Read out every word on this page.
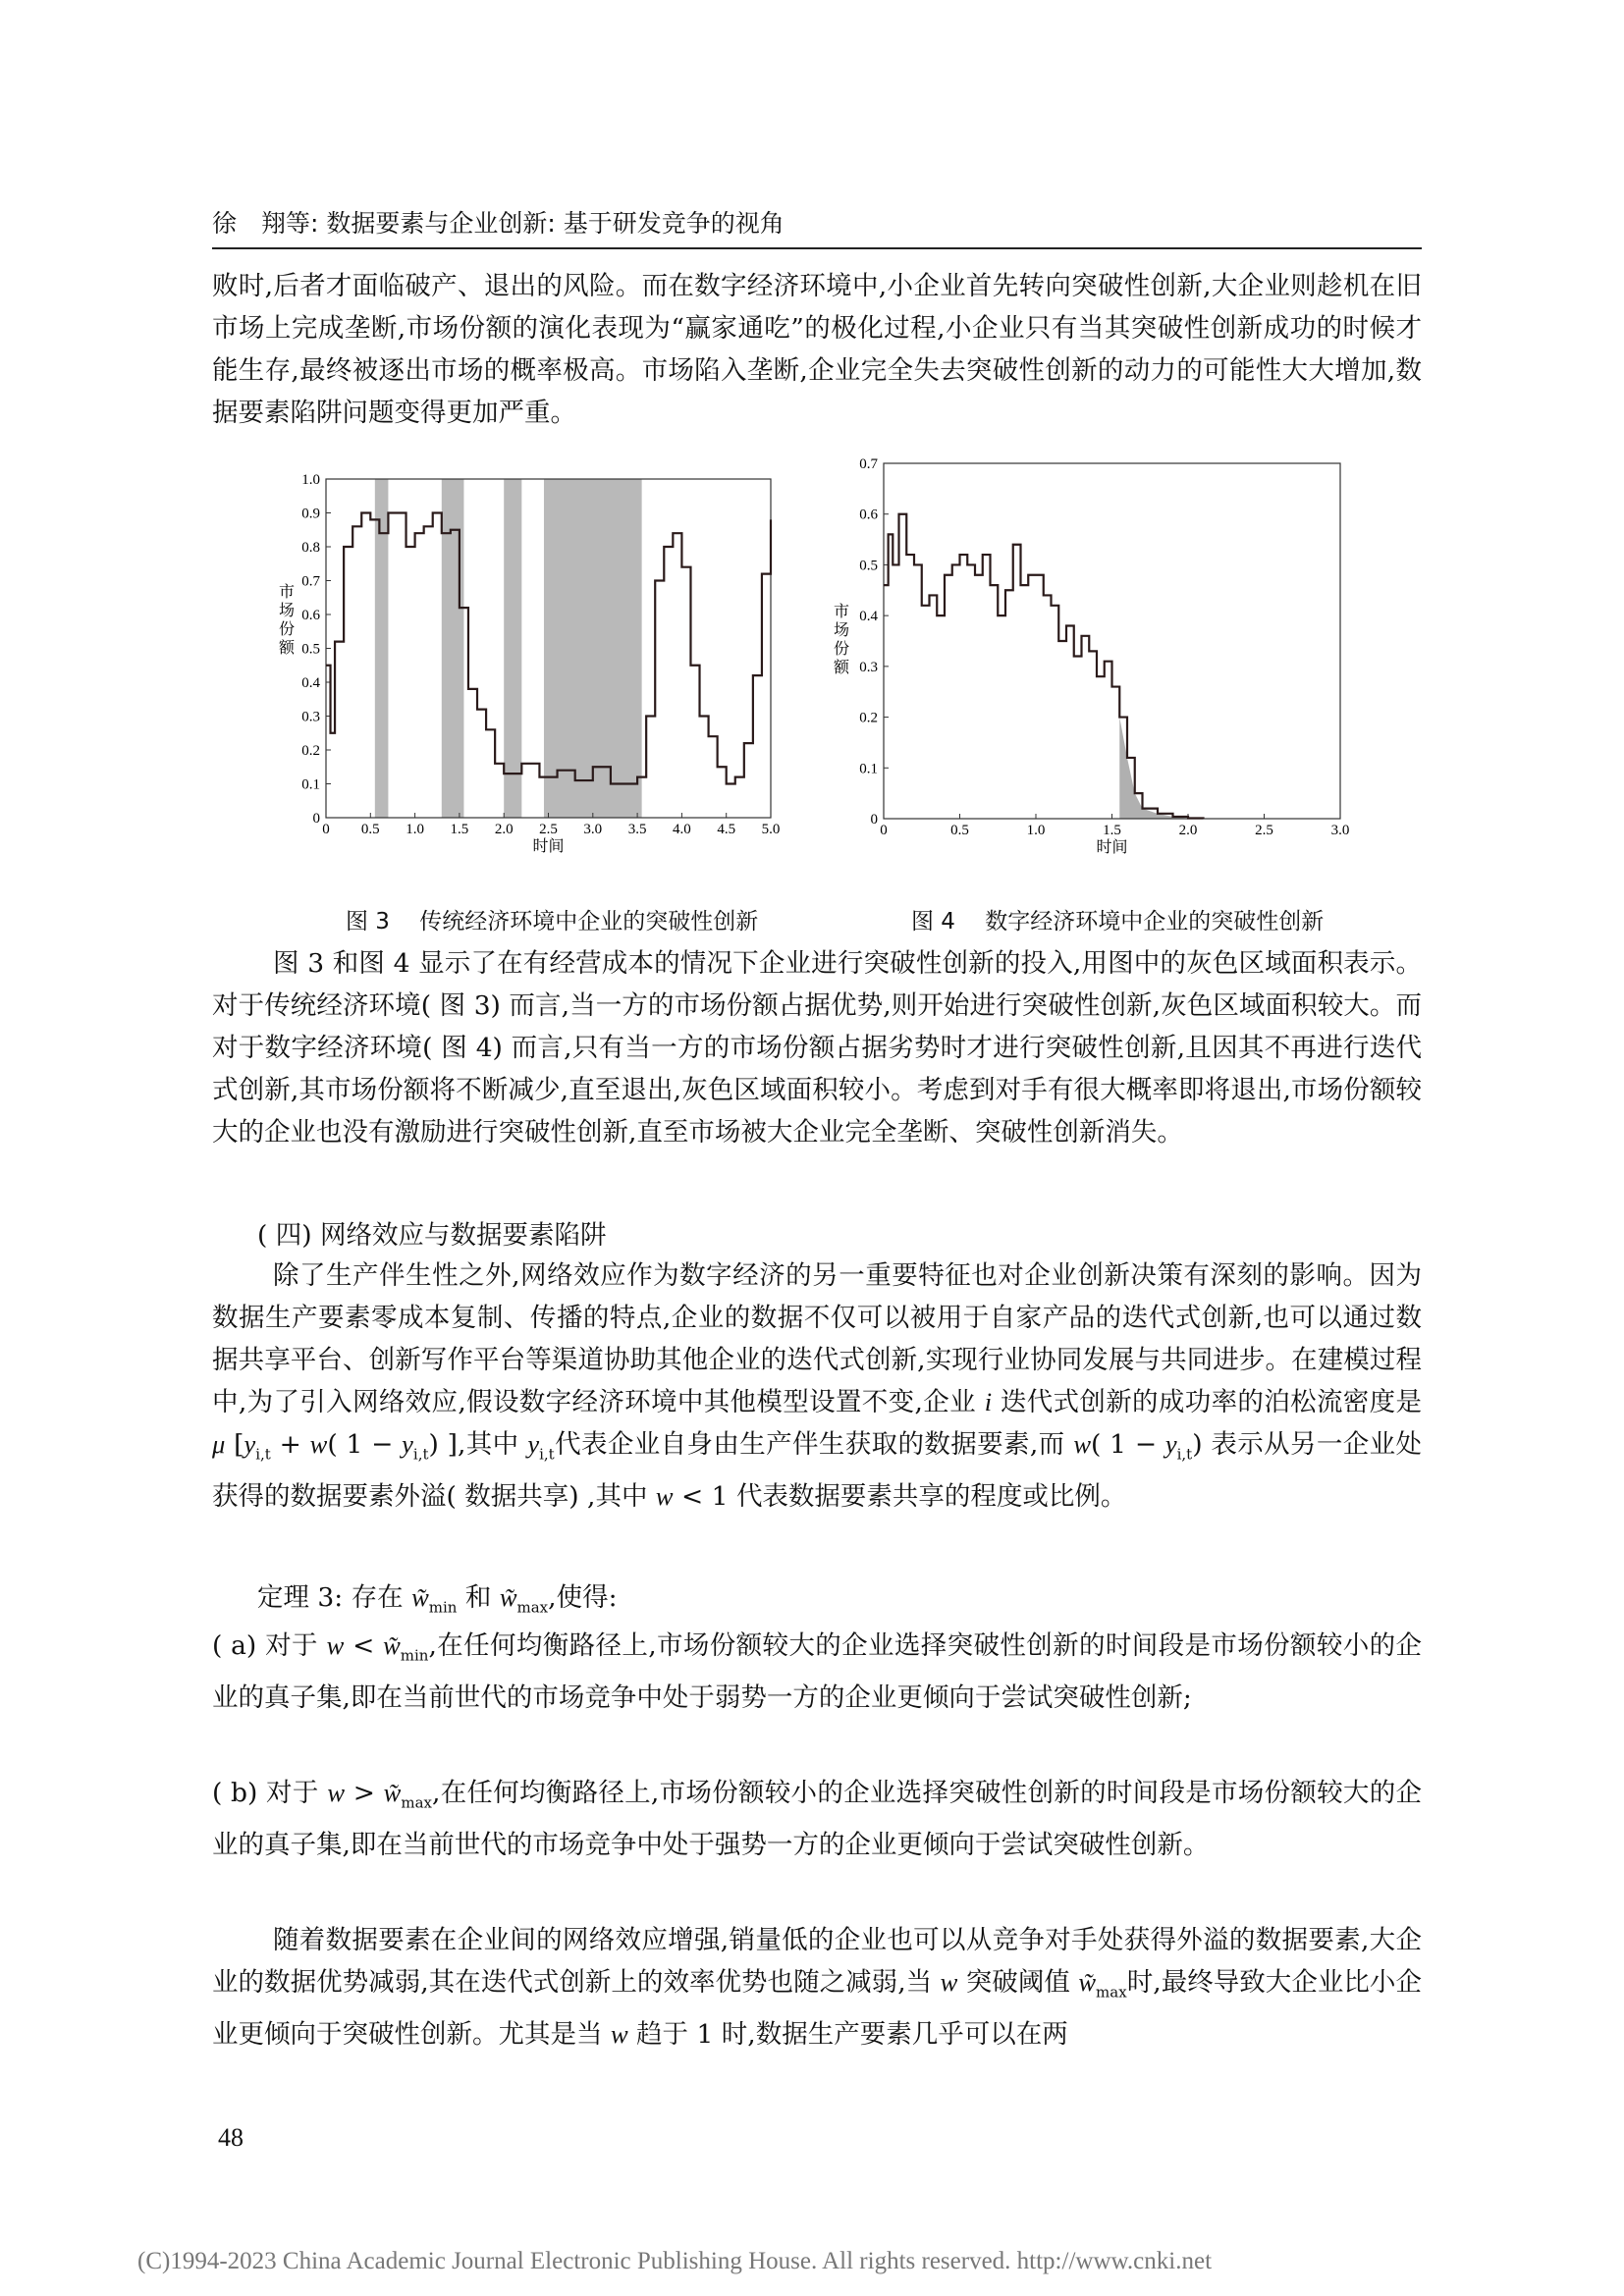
徐　翔等: 数据要素与企业创新: 基于研发竞争的视角
败时,后者才面临破产、退出的风险。而在数字经济环境中,小企业首先转向突破性创新,大企业则趁机在旧市场上完成垄断,市场份额的演化表现为“赢家通吃”的极化过程,小企业只有当其突破性创新成功的时候才能生存,最终被逐出市场的概率极高。市场陷入垄断,企业完全失去突破性创新的动力的可能性大大增加,数据要素陷阱问题变得更加严重。
0 0.5 1.0 1.5 2.0 2.5 3.0 3.5 4.0 4.5 5.0
0
0.1
0.2
0.3
0.4
0.5
0.6
0.7
0.8
0.9
1.0
时间
市场份额
0	0.5	1.0	1.5	2.0	2.5	3.0
0
0.1
0.2
0.3
0.4
0.5
0.6
0.7
时间
市场份额
图 3　 传统经济环境中企业的突破性创新	图 4　 数字经济环境中企业的突破性创新
图 3 和图 4 显示了在有经营成本的情况下企业进行突破性创新的投入,用图中的灰色区域面积表示。对于传统经济环境( 图 3) 而言,当一方的市场份额占据优势,则开始进行突破性创新,灰色区域面积较大。而对于数字经济环境( 图 4) 而言,只有当一方的市场份额占据劣势时才进行突破性创新,且因其不再进行迭代式创新,其市场份额将不断减少,直至退出,灰色区域面积较小。考虑到对手有很大概率即将退出,市场份额较大的企业也没有激励进行突破性创新,直至市场被大企业完全垄断、突破性创新消失。
( 四) 网络效应与数据要素陷阱
除了生产伴生性之外,网络效应作为数字经济的另一重要特征也对企业创新决策有深刻的影响。因为数据生产要素零成本复制、传播的特点,企业的数据不仅可以被用于自家产品的迭代式创新,也可以通过数据共享平台、创新写作平台等渠道协助其他企业的迭代式创新,实现行业协同发展与共同进步。在建模过程中,为了引入网络效应,假设数字经济环境中其他模型设置不变,企业 i 迭代式创新的成功率的泊松流密度是 μ [$y_{i,t} + w$( $1 - y_{i,t}$) ],其中 $y_{i,t}$代表企业自身由生产伴生获取的数据要素,而 w( $1 - y_{i,t}$) 表示从另一企业处获得的数据要素外溢( 数据共享) ,其中 w < 1 代表数据要素共享的程度或比例。
定理 3: 存在 $w̃_{min}$ 和 $w̃_{max}$,使得:
( a) 对于 $w < w̃_{min}$,在任何均衡路径上,市场份额较大的企业选择突破性创新的时间段是市场份额较小的企业的真子集,即在当前世代的市场竞争中处于弱势一方的企业更倾向于尝试突破性创新;
( b) 对于 $w > w̃_{max}$,在任何均衡路径上,市场份额较小的企业选择突破性创新的时间段是市场份额较大的企业的真子集,即在当前世代的市场竞争中处于强势一方的企业更倾向于尝试突破性创新。
随着数据要素在企业间的网络效应增强,销量低的企业也可以从竞争对手处获得外溢的数据要素,大企业的数据优势减弱,其在迭代式创新上的效率优势也随之减弱,当 w 突破阈值 $w̃_{max}$时,最终导致大企业比小企业更倾向于突破性创新。尤其是当 w 趋于 1 时,数据生产要素几乎可以在两
48
(C)1994-2023 China Academic Journal Electronic Publishing House. All rights reserved. http://www.cnki.net
